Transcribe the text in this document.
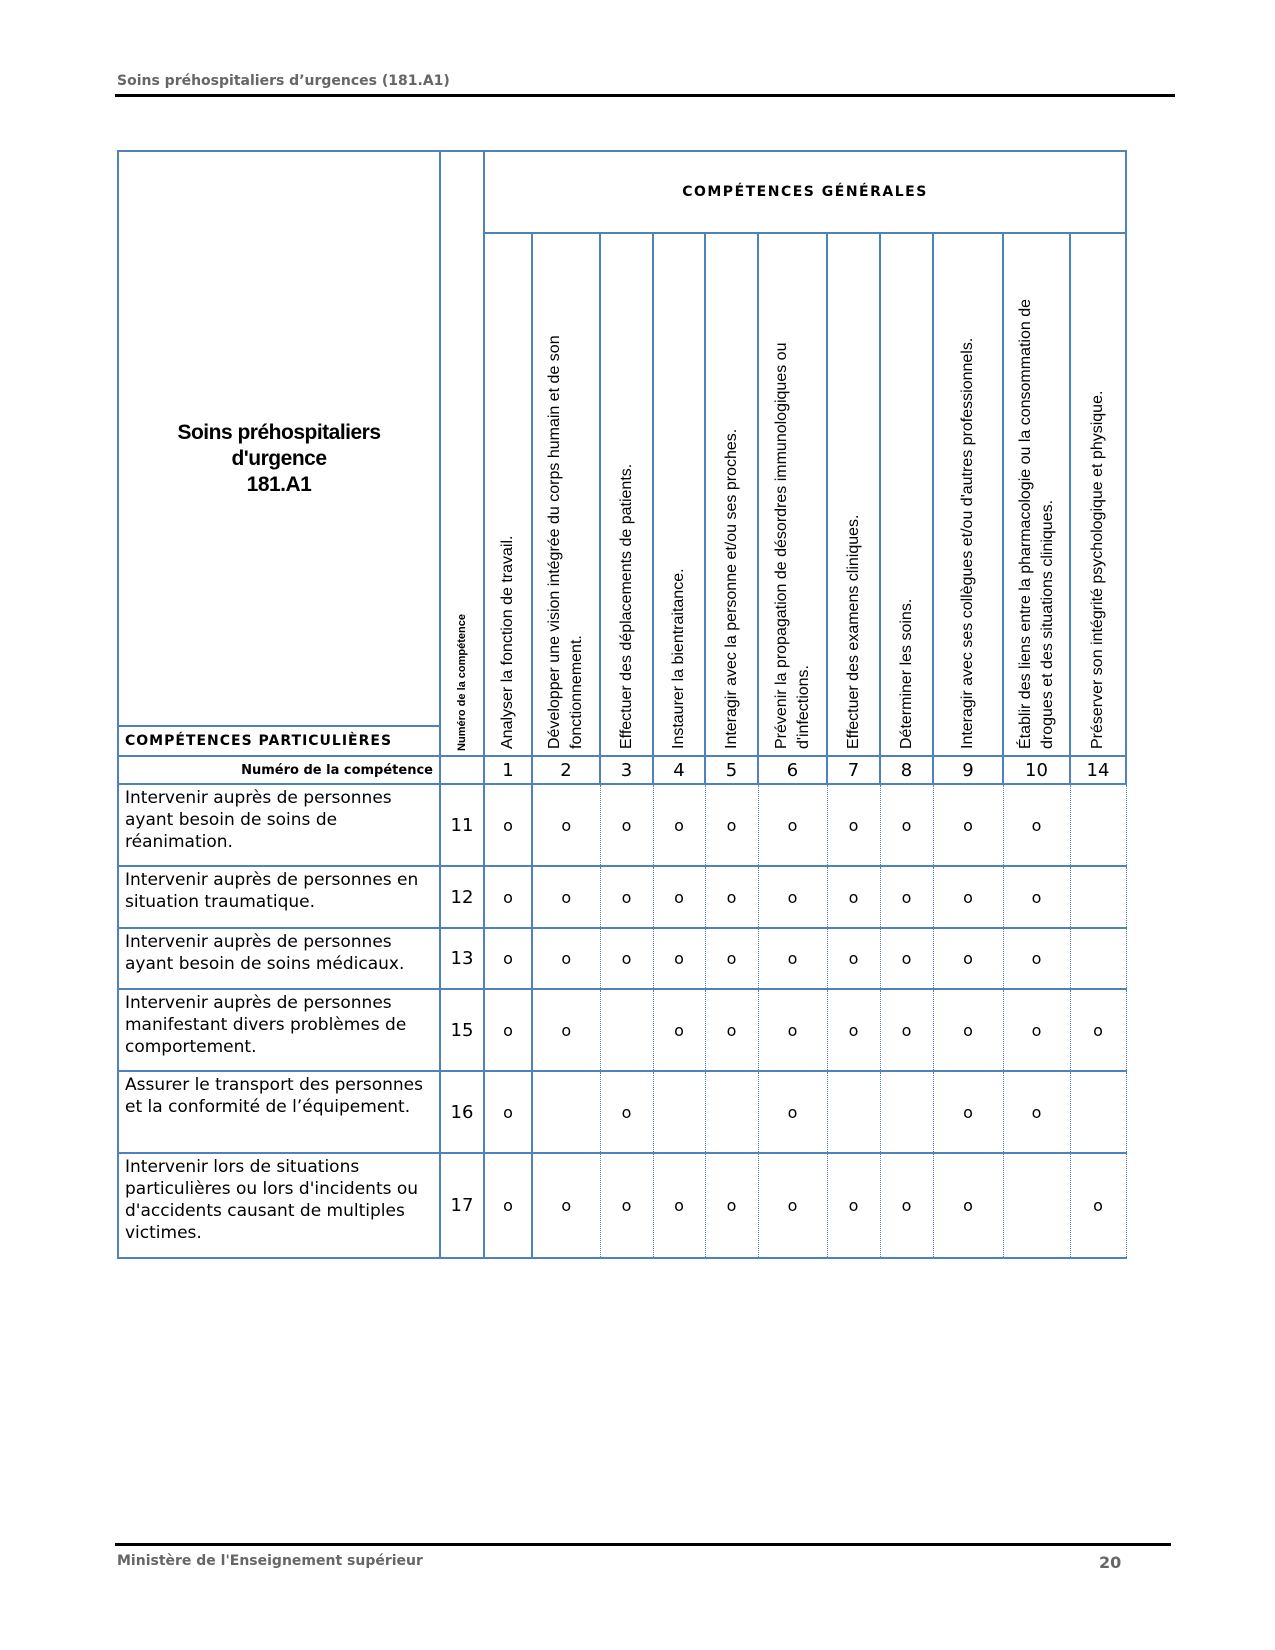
Soins préhospitaliers d’urgences (181.A1)
Soins préhospitaliers
d'urgence
181.A1	Numéro de la compétence	COMPÉTENCES GÉNÉRALES										

		Analyser la fonction de travail.	Développer une vision intégrée du corps humain et de son fonctionnement.	Effectuer des déplacements de patients.	Instaurer la bientraitance.	Interagir avec la personne et/ou ses proches.	Prévenir la propagation de désordres immunologiques ou d'infections.	Effectuer des examens cliniques.	Déterminer les soins.	Interagir avec ses collègues et/ou d'autres professionnels.	Établir des liens entre la pharmacologie ou la consommation de drogues et des situations cliniques.	Préserver son intégrité psychologique et physique.

COMPÉTENCES PARTICULIÈRES												
Numéro de la compétence		1	2	3	4	5	6	7	8	9	10	14
Intervenir auprès de personnes ayant besoin de soins de réanimation.	11	o	o	o	o	o	o	o	o	o	o	
Intervenir auprès de personnes en situation traumatique.	12	o	o	o	o	o	o	o	o	o	o	
Intervenir auprès de personnes ayant besoin de soins médicaux.	13	o	o	o	o	o	o	o	o	o	o	
Intervenir auprès de personnes manifestant divers problèmes de comportement.	15	o	o		o	o	o	o	o	o	o	o
Assurer le transport des personnes et la conformité de l’équipement.	16	o		o			o			o	o	
Intervenir lors de situations particulières ou lors d'incidents ou d'accidents causant de multiples victimes.	17	o	o	o	o	o	o	o	o	o		o
Ministère de l'Enseignement supérieur	20
